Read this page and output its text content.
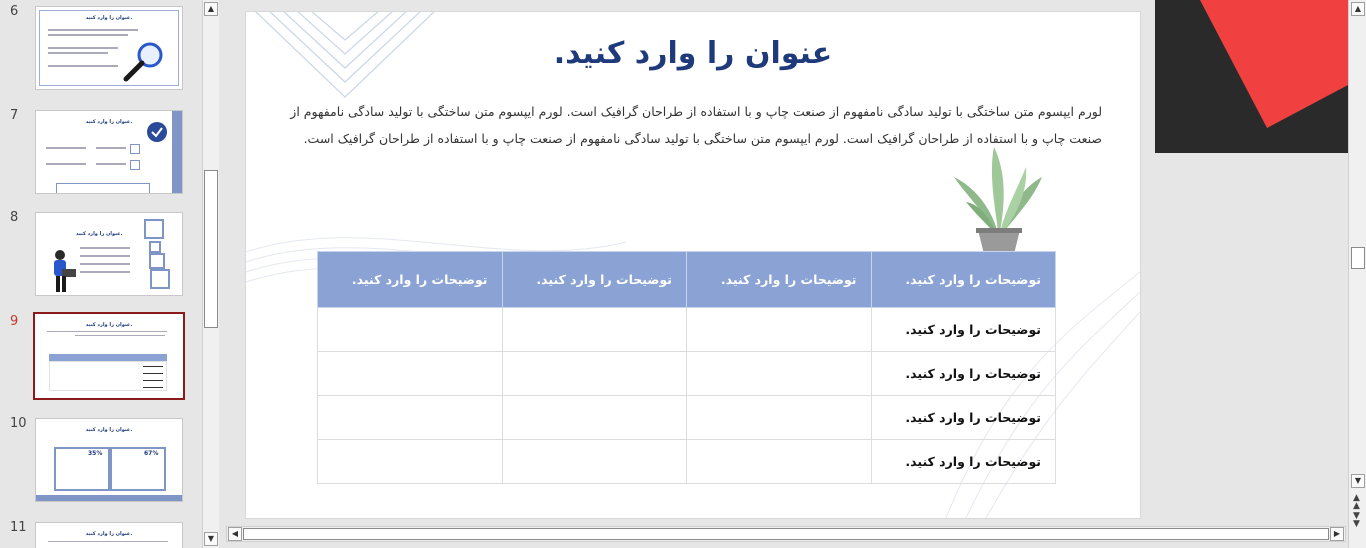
6	عنوان را وارد کنید.
7	عنوان را وارد کنید.
8
عنوان را وارد کنید.
9	عنوان را وارد کنید.
10	عنوان را وارد کنید.
35%	67%
11	عنوان را وارد کنید.
▲
▼
عنوان را وارد کنید.
لورم ایپسوم متن ساختگی با تولید سادگی نامفهوم از صنعت چاپ و با استفاده از طراحان گرافیک است. لورم ایپسوم متن ساختگی با تولید سادگی نامفهوم از صنعت چاپ و با استفاده از طراحان گرافیک است. لورم ایپسوم متن ساختگی با تولید سادگی نامفهوم از صنعت چاپ و با استفاده از طراحان گرافیک است.
توضیحات را وارد کنید.	توضیحات را وارد کنید.	توضیحات را وارد کنید.	توضیحات را وارد کنید.
توضیحات را وارد کنید.			
توضیحات را وارد کنید.			
توضیحات را وارد کنید.			
توضیحات را وارد کنید.			
▲
▼
▲
▲
▼
▼
◀	▶
